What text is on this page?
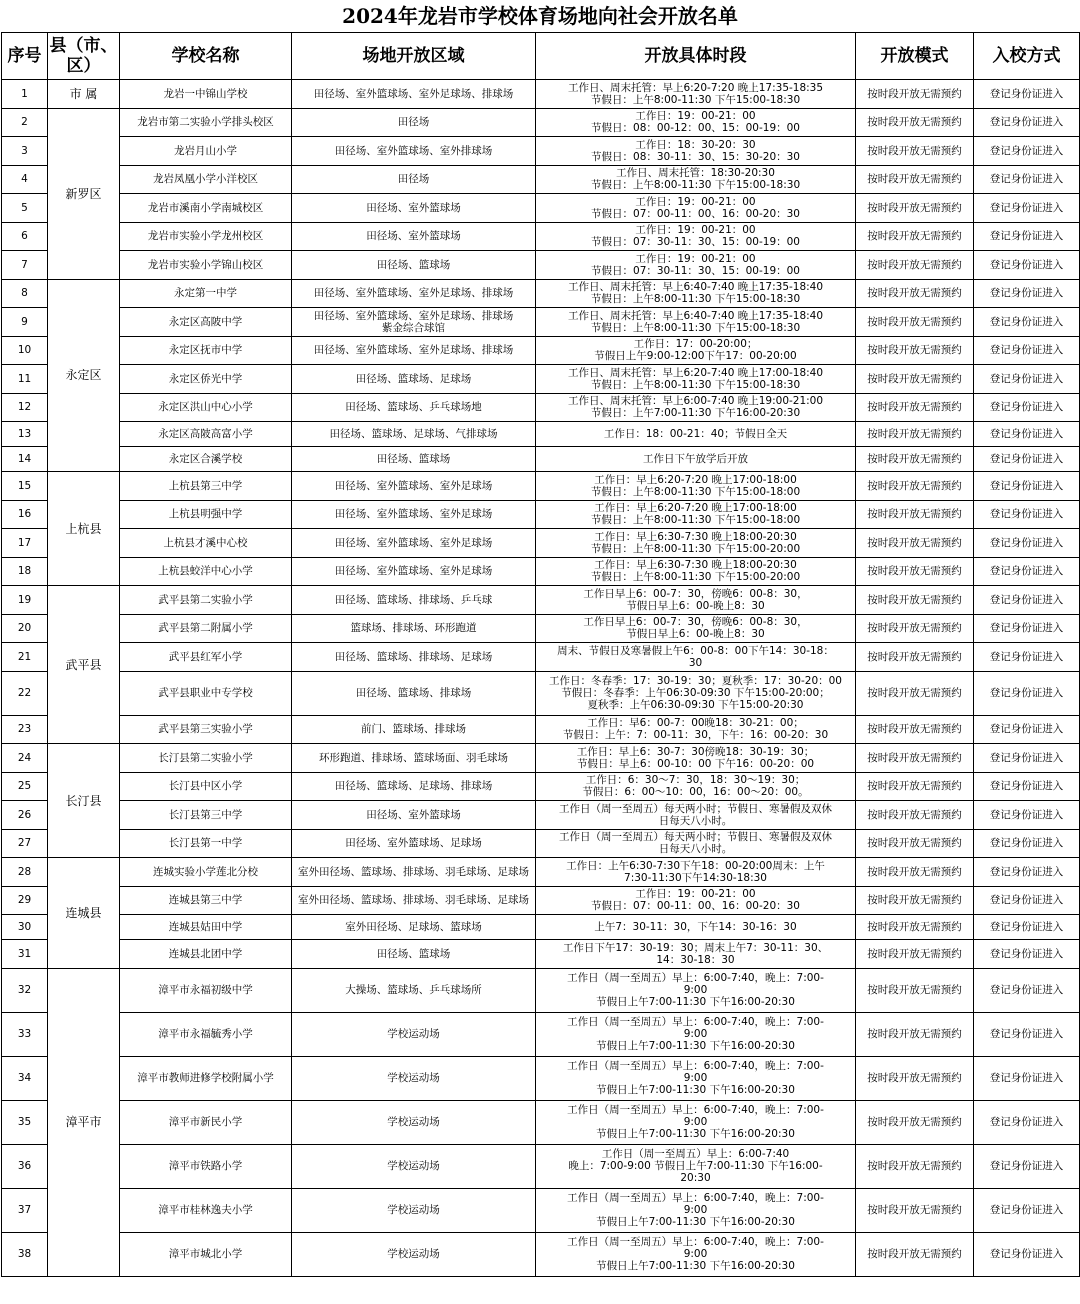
2024年龙岩市学校体育场地向社会开放名单
序号	县（市、区）	学校名称	场地开放区域	开放具体时段	开放模式	入校方式
1	市 属	龙岩一中锦山学校	田径场、室外篮球场、室外足球场、排球场	工作日、周末托管：早上6:20-7:20 晚上17:35-18:35
节假日：上午8:00-11:30 下午15:00-18:30	按时段开放无需预约	登记身份证进入
2	新罗区	龙岩市第二实验小学排头校区	田径场	工作日：19：00-21：00
节假日：08：00-12：00、15：00-19：00	按时段开放无需预约	登记身份证进入
3		龙岩月山小学	田径场、室外篮球场、室外排球场	工作日：18：30-20：30
节假日：08：30-11：30、15：30-20：30	按时段开放无需预约	登记身份证进入
4		龙岩凤凰小学小洋校区	田径场	工作日、周末托管：18:30-20:30
节假日：上午8:00-11:30 下午15:00-18:30	按时段开放无需预约	登记身份证进入
5		龙岩市溪南小学南城校区	田径场、室外篮球场	工作日：19：00-21：00
节假日：07：00-11：00、16：00-20：30	按时段开放无需预约	登记身份证进入
6		龙岩市实验小学龙州校区	田径场、室外篮球场	工作日：19：00-21：00
节假日：07：30-11：30、15：00-19：00	按时段开放无需预约	登记身份证进入
7		龙岩市实验小学锦山校区	田径场、篮球场	工作日：19：00-21：00
节假日：07：30-11：30、15：00-19：00	按时段开放无需预约	登记身份证进入
8	永定区	永定第一中学	田径场、室外篮球场、室外足球场、排球场	工作日、周末托管：早上6:40-7:40 晚上17:35-18:40
节假日：上午8:00-11:30 下午15:00-18:30	按时段开放无需预约	登记身份证进入
9		永定区高陂中学	田径场、室外篮球场、室外足球场、排球场
紫金综合球馆	工作日、周末托管：早上6:40-7:40 晚上17:35-18:40
节假日：上午8:00-11:30 下午15:00-18:30	按时段开放无需预约	登记身份证进入
10		永定区抚市中学	田径场、室外篮球场、室外足球场、排球场	工作日：17：00-20:00；
节假日上午9:00-12:00下午17：00-20:00	按时段开放无需预约	登记身份证进入
11		永定区侨光中学	田径场、篮球场、足球场	工作日、周末托管：早上6:20-7:40 晚上17:00-18:40
节假日：上午8:00-11:30 下午15:00-18:30	按时段开放无需预约	登记身份证进入
12		永定区洪山中心小学	田径场、篮球场、乒乓球场地	工作日、周末托管：早上6:00-7:40 晚上19:00-21:00
节假日：上午7:00-11:30 下午16:00-20:30	按时段开放无需预约	登记身份证进入
13		永定区高陂高富小学	田径场、篮球场、足球场、气排球场	工作日：18：00-21：40；节假日全天	按时段开放无需预约	登记身份证进入
14		永定区合溪学校	田径场、篮球场	工作日下午放学后开放	按时段开放无需预约	登记身份证进入
15	上杭县	上杭县第三中学	田径场、室外篮球场、室外足球场	工作日：早上6:20-7:20 晚上17:00-18:00
节假日：上午8:00-11:30 下午15:00-18:00	按时段开放无需预约	登记身份证进入
16		上杭县明强中学	田径场、室外篮球场、室外足球场	工作日：早上6:20-7:20 晚上17:00-18:00
节假日：上午8:00-11:30 下午15:00-18:00	按时段开放无需预约	登记身份证进入
17		上杭县才溪中心校	田径场、室外篮球场、室外足球场	工作日：早上6:30-7:30 晚上18:00-20:30
节假日：上午8:00-11:30 下午15:00-20:00	按时段开放无需预约	登记身份证进入
18		上杭县蛟洋中心小学	田径场、室外篮球场、室外足球场	工作日：早上6:30-7:30 晚上18:00-20:30
节假日：上午8:00-11:30 下午15:00-20:00	按时段开放无需预约	登记身份证进入
19	武平县	武平县第二实验小学	田径场、篮球场、排球场、乒乓球	工作日早上6：00-7：30，傍晚6：00-8：30，
节假日早上6：00-晚上8：30	按时段开放无需预约	登记身份证进入
20		武平县第二附属小学	篮球场、排球场、环形跑道	工作日早上6：00-7：30，傍晚6：00-8：30，
节假日早上6：00-晚上8：30	按时段开放无需预约	登记身份证进入
21		武平县红军小学	田径场、篮球场、排球场、足球场	周末、节假日及寒暑假上午6：00-8：00下午14：30-18：
30	按时段开放无需预约	登记身份证进入
22		武平县职业中专学校	田径场、篮球场、排球场	工作日：冬春季：17：30-19：30；夏秋季：17：30-20：00
节假日：冬春季：上午06:30-09:30 下午15:00-20:00；
夏秋季：上午06:30-09:30 下午15:00-20:30	按时段开放无需预约	登记身份证进入
23		武平县第三实验小学	前门、篮球场、排球场	工作日：早6：00-7：00晚18：30-21：00；
节假日：上午：7：00-11：30，下午：16：00-20：30	按时段开放无需预约	登记身份证进入
24	长汀县	长汀县第二实验小学	环形跑道、排球场、篮球场面、羽毛球场	工作日：早上6：30-7：30傍晚18：30-19：30；
节假日：早上6：00-10：00 下午16：00-20：00	按时段开放无需预约	登记身份证进入
25		长汀县中区小学	田径场、篮球场、足球场、排球场	工作日：6：30～7：30，18：30～19：30；
节假日：6：00～10：00，16：00～20：00。	按时段开放无需预约	登记身份证进入
26		长汀县第三中学	田径场、室外篮球场	工作日（周一至周五）每天两小时；节假日、寒暑假及双休
日每天八小时。	按时段开放无需预约	登记身份证进入
27		长汀县第一中学	田径场、室外篮球场、足球场	工作日（周一至周五）每天两小时；节假日、寒暑假及双休
日每天八小时。	按时段开放无需预约	登记身份证进入
28	连城县	连城实验小学莲北分校	室外田径场、篮球场、排球场、羽毛球场、足球场	工作日：上午6:30-7:30下午18：00-20:00周末：上午
7:30-11:30下午14:30-18:30	按时段开放无需预约	登记身份证进入
29		连城县第三中学	室外田径场、篮球场、排球场、羽毛球场、足球场	工作日：19：00-21：00
节假日：07：00-11：00、16：00-20：30	按时段开放无需预约	登记身份证进入
30		连城县姑田中学	室外田径场、足球场、篮球场	上午7：30-11：30，下午14：30-16：30	按时段开放无需预约	登记身份证进入
31		连城县北团中学	田径场、篮球场	工作日下午17：30-19：30；周末上午7：30-11：30、
14：30-18：30	按时段开放无需预约	登记身份证进入
32	漳平市	漳平市永福初级中学	大操场、篮球场、乒乓球场所	工作日（周一至周五）早上：6:00-7:40，晚上：7:00-
9:00
节假日上午7:00-11:30 下午16:00-20:30	按时段开放无需预约	登记身份证进入
33		漳平市永福毓秀小学	学校运动场	工作日（周一至周五）早上：6:00-7:40，晚上：7:00-
9:00
节假日上午7:00-11:30 下午16:00-20:30	按时段开放无需预约	登记身份证进入
34		漳平市教师进修学校附属小学	学校运动场	工作日（周一至周五）早上：6:00-7:40，晚上：7:00-
9:00
节假日上午7:00-11:30 下午16:00-20:30	按时段开放无需预约	登记身份证进入
35		漳平市新民小学	学校运动场	工作日（周一至周五）早上：6:00-7:40，晚上：7:00-
9:00
节假日上午7:00-11:30 下午16:00-20:30	按时段开放无需预约	登记身份证进入
36		漳平市铁路小学	学校运动场	工作日（周一至周五）早上：6:00-7:40
晚上：7:00-9:00 节假日上午7:00-11:30 下午16:00-
20:30	按时段开放无需预约	登记身份证进入
37		漳平市桂林逸夫小学	学校运动场	工作日（周一至周五）早上：6:00-7:40，晚上：7:00-
9:00
节假日上午7:00-11:30 下午16:00-20:30	按时段开放无需预约	登记身份证进入
38		漳平市城北小学	学校运动场	工作日（周一至周五）早上：6:00-7:40，晚上：7:00-
9:00
节假日上午7:00-11:30 下午16:00-20:30	按时段开放无需预约	登记身份证进入
